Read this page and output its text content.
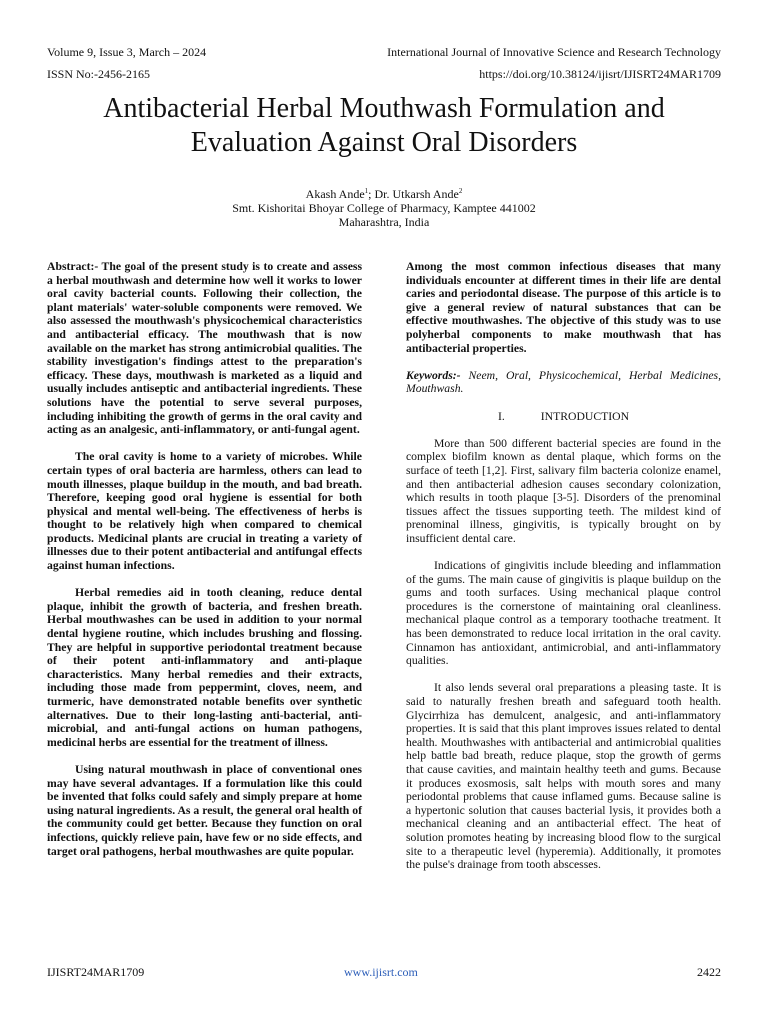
Volume 9, Issue 3, March – 2024	International Journal of Innovative Science and Research Technology
ISSN No:-2456-2165	https://doi.org/10.38124/ijisrt/IJISRT24MAR1709
Antibacterial Herbal Mouthwash Formulation and
Evaluation Against Oral Disorders
Akash Ande$^1$; Dr. Utkarsh Ande$^2$
Smt. Kishoritai Bhoyar College of Pharmacy, Kamptee 441002
Maharashtra, India

Abstract:- The goal of the present study is to create and assess a herbal mouthwash and determine how well it works to lower oral cavity bacterial counts. Following their collection, the plant materials' water-soluble components were removed. We also assessed the mouthwash's physicochemical characteristics and antibacterial efficacy. The mouthwash that is now available on the market has strong antimicrobial qualities. The stability investigation's findings attest to the preparation's efficacy. These days, mouthwash is marketed as a liquid and usually includes antiseptic and antibacterial ingredients. These solutions have the potential to serve several purposes, including inhibiting the growth of germs in the oral cavity and acting as an analgesic, anti-inflammatory, or anti-fungal agent.

The oral cavity is home to a variety of microbes. While certain types of oral bacteria are harmless, others can lead to mouth illnesses, plaque buildup in the mouth, and bad breath. Therefore, keeping good oral hygiene is essential for both physical and mental well-being. The effectiveness of herbs is thought to be relatively high when compared to chemical products. Medicinal plants are crucial in treating a variety of illnesses due to their potent antibacterial and antifungal effects against human infections.

Herbal remedies aid in tooth cleaning, reduce dental plaque, inhibit the growth of bacteria, and freshen breath. Herbal mouthwashes can be used in addition to your normal dental hygiene routine, which includes brushing and flossing. They are helpful in supportive periodontal treatment because of their potent anti-inflammatory and anti-plaque characteristics. Many herbal remedies and their extracts, including those made from peppermint, cloves, neem, and turmeric, have demonstrated notable benefits over synthetic alternatives. Due to their long-lasting anti-bacterial, anti-microbial, and anti-fungal actions on human pathogens, medicinal herbs are essential for the treatment of illness.

Using natural mouthwash in place of conventional ones may have several advantages. If a formulation like this could be invented that folks could safely and simply prepare at home using natural ingredients. As a result, the general oral health of the community could get better. Because they function on oral infections, quickly relieve pain, have few or no side effects, and target oral pathogens, herbal mouthwashes are quite popular.

Among the most common infectious diseases that many individuals encounter at different times in their life are dental caries and periodontal disease. The purpose of this article is to give a general review of natural substances that can be effective mouthwashes. The objective of this study was to use polyherbal components to make mouthwash that has antibacterial properties.

Keywords:- Neem, Oral, Physicochemical, Herbal Medicines, Mouthwash.

I.	INTRODUCTION

More than 500 different bacterial species are found in the complex biofilm known as dental plaque, which forms on the surface of teeth [1,2]. First, salivary film bacteria colonize enamel, and then antibacterial adhesion causes secondary colonization, which results in tooth plaque [3-5]. Disorders of the prenominal tissues affect the tissues supporting teeth. The mildest kind of prenominal illness, gingivitis, is typically brought on by insufficient dental care.

Indications of gingivitis include bleeding and inflammation of the gums. The main cause of gingivitis is plaque buildup on the gums and tooth surfaces. Using mechanical plaque control procedures is the cornerstone of maintaining oral cleanliness. mechanical plaque control as a temporary toothache treatment. It has been demonstrated to reduce local irritation in the oral cavity. Cinnamon has antioxidant, antimicrobial, and anti-inflammatory qualities.

It also lends several oral preparations a pleasing taste. It is said to naturally freshen breath and safeguard tooth health. Glycirrhiza has demulcent, analgesic, and anti-inflammatory properties. It is said that this plant improves issues related to dental health. Mouthwashes with antibacterial and antimicrobial qualities help battle bad breath, reduce plaque, stop the growth of germs that cause cavities, and maintain healthy teeth and gums. Because it produces exosmosis, salt helps with mouth sores and many periodontal problems that cause inflamed gums. Because saline is a hypertonic solution that causes bacterial lysis, it provides both a mechanical cleaning and an antibacterial effect. The heat of solution promotes heating by increasing blood flow to the surgical site to a therapeutic level (hyperemia). Additionally, it promotes the pulse's drainage from tooth abscesses.

IJISRT24MAR1709	www.ijisrt.com	2422
